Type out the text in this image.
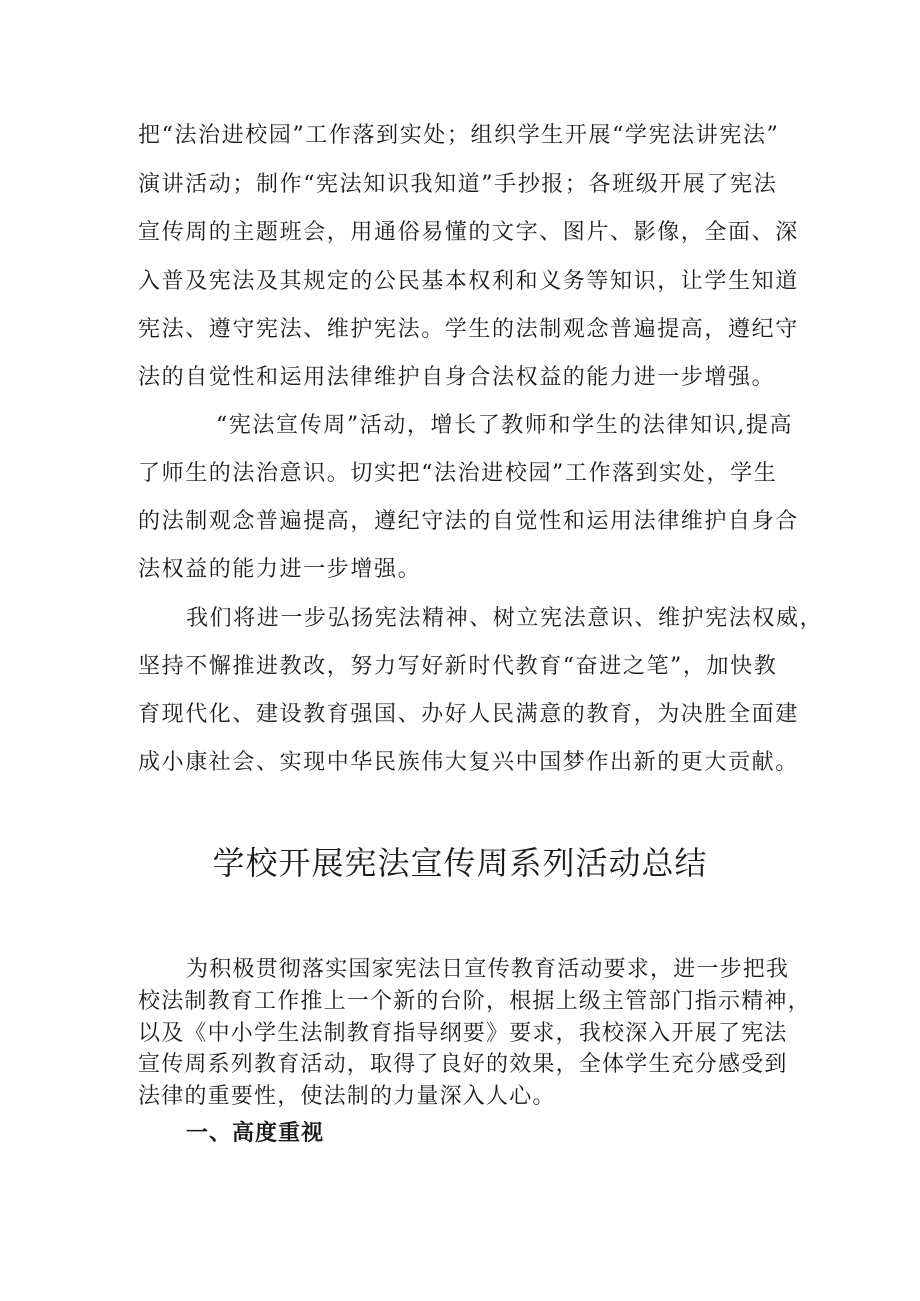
把“法治进校园”工作落到实处；组织学生开展“学宪法讲宪法”
演讲活动；制作“宪法知识我知道”手抄报；各班级开展了宪法
宣传周的主题班会，用通俗易懂的文字、图片、影像，全面、深
入普及宪法及其规定的公民基本权利和义务等知识，让学生知道
宪法、遵守宪法、维护宪法。学生的法制观念普遍提高，遵纪守
法的自觉性和运用法律维护自身合法权益的能力进一步增强。
“宪法宣传周”活动，增长了教师和学生的法律知识,提高
了师生的法治意识。切实把“法治进校园”工作落到实处，学生
的法制观念普遍提高，遵纪守法的自觉性和运用法律维护自身合
法权益的能力进一步增强。
我们将进一步弘扬宪法精神、树立宪法意识、维护宪法权威，
坚持不懈推进教改，努力写好新时代教育“奋进之笔”，加快教
育现代化、建设教育强国、办好人民满意的教育，为决胜全面建
成小康社会、实现中华民族伟大复兴中国梦作出新的更大贡献。
学校开展宪法宣传周系列活动总结
为积极贯彻落实国家宪法日宣传教育活动要求，进一步把我
校法制教育工作推上一个新的台阶，根据上级主管部门指示精神，
以及《中小学生法制教育指导纲要》要求，我校深入开展了宪法
宣传周系列教育活动，取得了良好的效果，全体学生充分感受到
法律的重要性，使法制的力量深入人心。
一、高度重视
